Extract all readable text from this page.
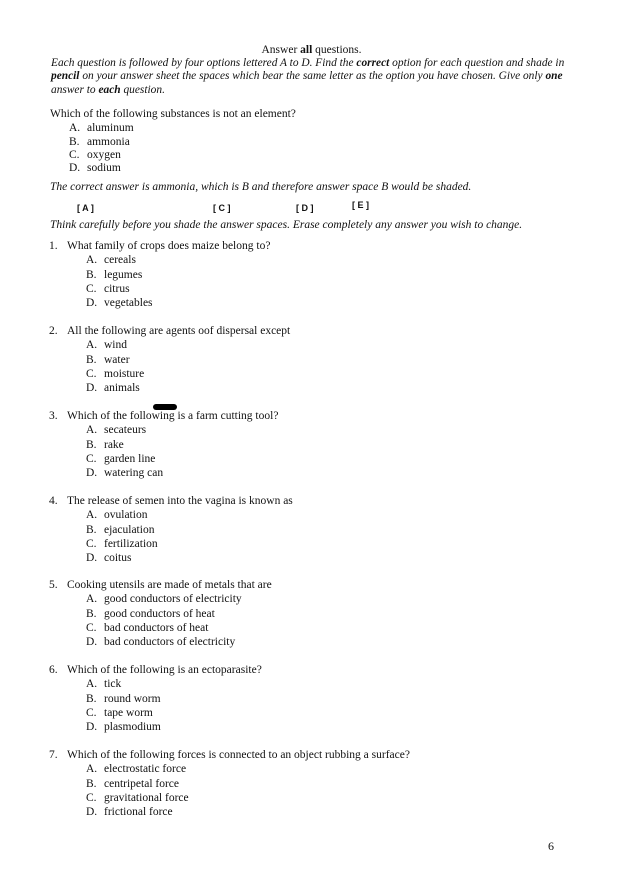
Answer all questions.
Each question is followed by four options lettered A to D. Find the correct option for each question and shade in pencil on your answer sheet the spaces which bear the same letter as the option you have chosen. Give only one answer to each question.
Which of the following substances is not an element?
A. aluminum
B. ammonia
C. oxygen
D. sodium
The correct answer is ammonia, which is B and therefore answer space B would be shaded.
[ A ]	[ C ]	[ D ]	[ E ]
Think carefully before you shade the answer spaces. Erase completely any answer you wish to change.
1. What family of crops does maize belong to?
A. cereals
B. legumes
C. citrus
D. vegetables
2. All the following are agents oof dispersal except
A. wind
B. water
C. moisture
D. animals
3. Which of the following is a farm cutting tool?
A. secateurs
B. rake
C. garden line
D. watering can
4. The release of semen into the vagina is known as
A. ovulation
B. ejaculation
C. fertilization
D. coitus
5. Cooking utensils are made of metals that are
A. good conductors of electricity
B. good conductors of heat
C. bad conductors of heat
D. bad conductors of electricity
6. Which of the following is an ectoparasite?
A. tick
B. round worm
C. tape worm
D. plasmodium
7. Which of the following forces is connected to an object rubbing a surface?
A. electrostatic force
B. centripetal force
C. gravitational force
D. frictional force
6
